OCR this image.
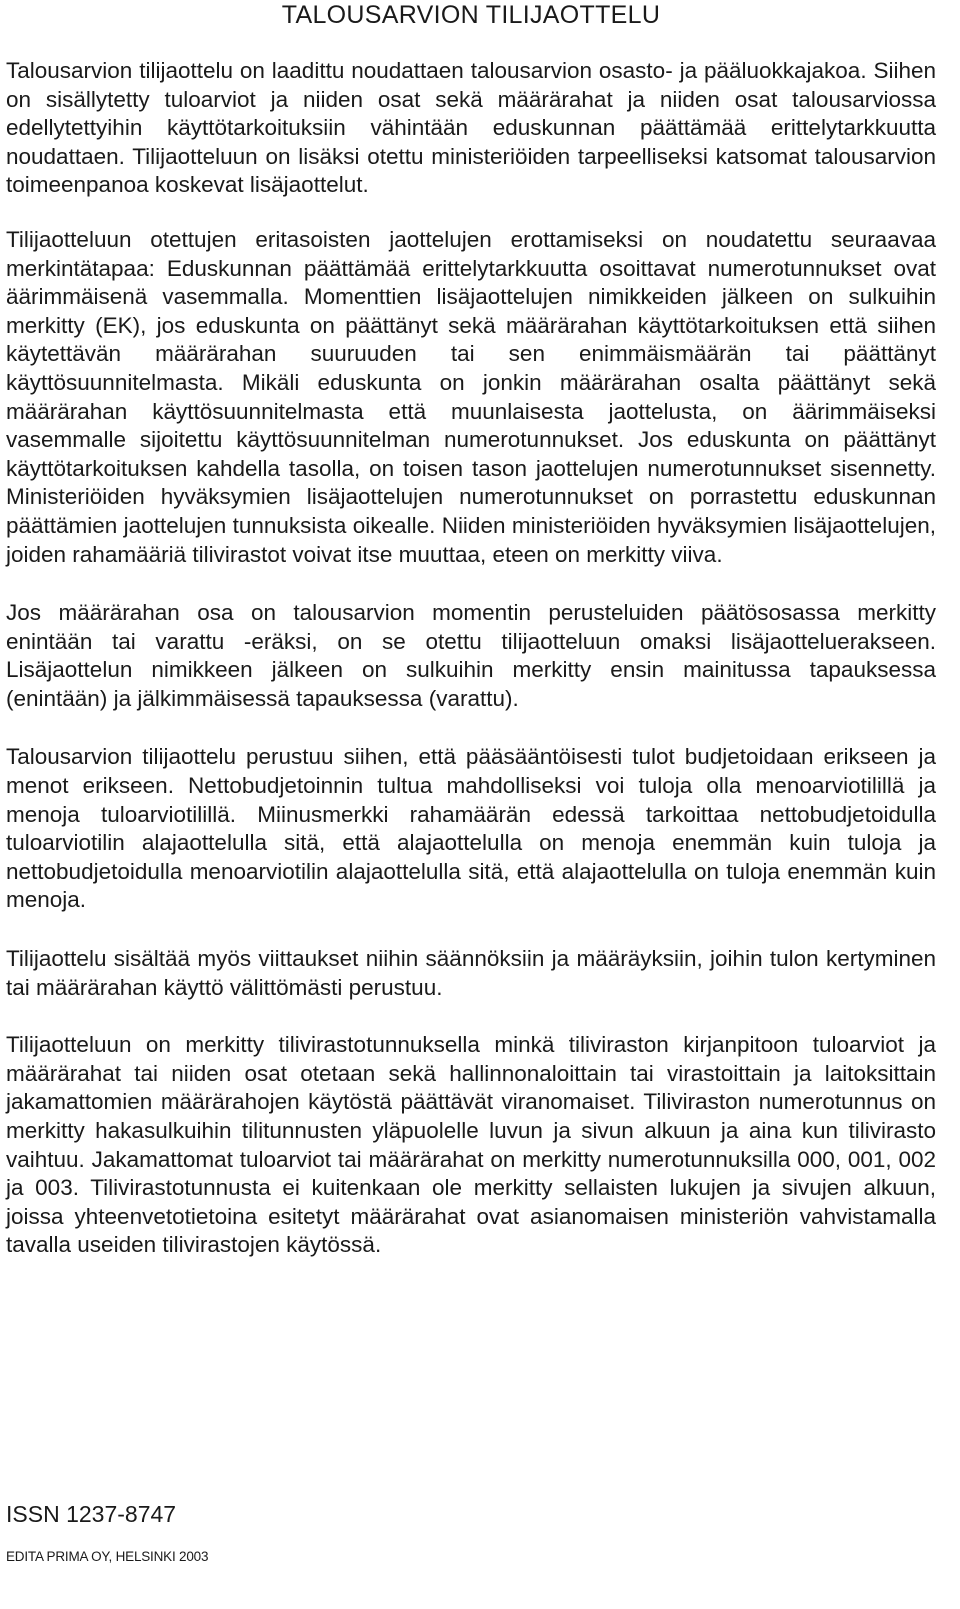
TALOUSARVION TILIJAOTTELU

Talousarvion tilijaottelu on laadittu noudattaen talousarvion osasto- ja pääluokkajakoa. Siihen on sisällytetty tuloarviot ja niiden osat sekä määrärahat ja niiden osat talousarviossa edellytettyihin käyttötarkoituksiin vähintään eduskunnan päättämää erittelytarkkuutta noudattaen. Tilijaotteluun on lisäksi otettu ministeriöiden tarpeelliseksi katsomat talousarvion toimeenpanoa koskevat lisäjaottelut.

Tilijaotteluun otettujen eritasoisten jaottelujen erottamiseksi on noudatettu seuraavaa merkintätapaa: Eduskunnan päättämää erittelytarkkuutta osoittavat numerotunnukset ovat äärimmäisenä vasemmalla. Momenttien lisäjaottelujen nimikkeiden jälkeen on sulkuihin merkitty (EK), jos eduskunta on päättänyt sekä määrärahan käyttötarkoituksen että siihen käytettävän määrärahan suuruuden tai sen enimmäismäärän tai päättänyt käyttösuunnitelmasta. Mikäli eduskunta on jonkin määrärahan osalta päättänyt sekä määrärahan käyttösuunnitelmasta että muunlaisesta jaottelusta, on äärimmäiseksi vasemmalle sijoitettu käyttösuunnitelman numerotunnukset. Jos eduskunta on päättänyt käyttötarkoituksen kahdella tasolla, on toisen tason jaottelujen numerotunnukset sisennetty. Ministeriöiden hyväksymien lisäjaottelujen numerotunnukset on porrastettu eduskunnan päättämien jaottelujen tunnuksista oikealle. Niiden ministeriöiden hyväksymien lisäjaottelujen, joiden rahamääriä tilivirastot voivat itse muuttaa, eteen on merkitty viiva.

Jos määrärahan osa on talousarvion momentin perusteluiden päätösosassa merkitty enintään tai varattu -eräksi, on se otettu tilijaotteluun omaksi lisäjaotteluerakseen. Lisäjaottelun nimikkeen jälkeen on sulkuihin merkitty ensin mainitussa tapauksessa (enintään) ja jälkimmäisessä tapauksessa (varattu).

Talousarvion tilijaottelu perustuu siihen, että pääsääntöisesti tulot budjetoidaan erikseen ja menot erikseen. Nettobudjetoinnin tultua mahdolliseksi voi tuloja olla menoarviotilillä ja menoja tuloarviotilillä. Miinusmerkki rahamäärän edessä tarkoittaa nettobudjetoidulla tuloarviotilin alajaottelulla sitä, että alajaottelulla on menoja enemmän kuin tuloja ja nettobudjetoidulla menoarviotilin alajaottelulla sitä, että alajaottelulla on tuloja enemmän kuin menoja.

Tilijaottelu sisältää myös viittaukset niihin säännöksiin ja määräyksiin, joihin tulon kertyminen tai määrärahan käyttö välittömästi perustuu.

Tilijaotteluun on merkitty tilivirastotunnuksella minkä tiliviraston kirjanpitoon tuloarviot ja määrärahat tai niiden osat otetaan sekä hallinnonaloittain tai virastoittain ja laitoksittain jakamattomien määrärahojen käytöstä päättävät viranomaiset. Tiliviraston numerotunnus on merkitty hakasulkuihin tilitunnusten yläpuolelle luvun ja sivun alkuun ja aina kun tilivirasto vaihtuu. Jakamattomat tuloarviot tai määrärahat on merkitty numerotunnuksilla 000, 001, 002 ja 003. Tilivirastotunnusta ei kuitenkaan ole merkitty sellaisten lukujen ja sivujen alkuun, joissa yhteenvetotietoina esitetyt määrärahat ovat asianomaisen ministeriön vahvistamalla tavalla useiden tilivirastojen käytössä.

ISSN 1237-8747

EDITA PRIMA OY, HELSINKI 2003
